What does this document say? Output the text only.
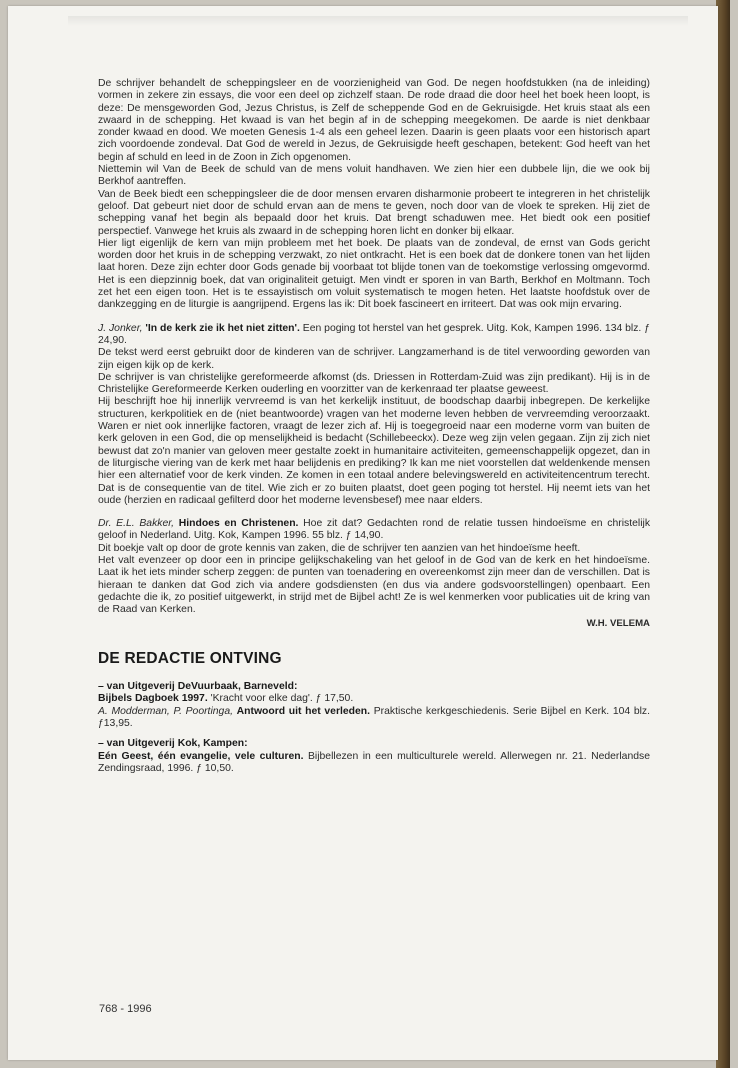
De schrijver behandelt de scheppingsleer en de voorzienigheid van God. De negen hoofdstukken (na de inleiding) vormen in zekere zin essays, die voor een deel op zichzelf staan. De rode draad die door heel het boek heen loopt, is deze: De mensgeworden God, Jezus Christus, is Zelf de scheppende God en de Gekruisigde. Het kruis staat als een zwaard in de schepping. Het kwaad is van het begin af in de schepping meegekomen. De aarde is niet denkbaar zonder kwaad en dood. We moeten Genesis 1-4 als een geheel lezen. Daarin is geen plaats voor een historisch apart zich voordoende zondeval. Dat God de wereld in Jezus, de Gekruisigde heeft geschapen, betekent: God heeft van het begin af schuld en leed in de Zoon in Zich opgenomen.

Niettemin wil Van de Beek de schuld van de mens voluit handhaven. We zien hier een dubbele lijn, die we ook bij Berkhof aantreffen.

Van de Beek biedt een scheppingsleer die de door mensen ervaren disharmonie probeert te integreren in het christelijk geloof. Dat gebeurt niet door de schuld ervan aan de mens te geven, noch door van de vloek te spreken. Hij ziet de schepping vanaf het begin als bepaald door het kruis. Dat brengt schaduwen mee. Het biedt ook een positief perspectief. Vanwege het kruis als zwaard in de schepping horen licht en donker bij elkaar.

Hier ligt eigenlijk de kern van mijn probleem met het boek. De plaats van de zondeval, de ernst van Gods gericht worden door het kruis in de schepping verzwakt, zo niet ontkracht. Het is een boek dat de donkere tonen van het lijden laat horen. Deze zijn echter door Gods genade bij voorbaat tot blijde tonen van de toekomstige verlossing omgevormd. Het is een diepzinnig boek, dat van originaliteit getuigt. Men vindt er sporen in van Barth, Berkhof en Moltmann. Toch zet het een eigen toon. Het is te essayistisch om voluit systematisch te mogen heten. Het laatste hoofdstuk over de dankzegging en de liturgie is aangrijpend. Ergens las ik: Dit boek fascineert en irriteert. Dat was ook mijn ervaring.

J. Jonker, 'In de kerk zie ik het niet zitten'. Een poging tot herstel van het gesprek. Uitg. Kok, Kampen 1996. 134 blz. ƒ 24,90.

De tekst werd eerst gebruikt door de kinderen van de schrijver. Langzamerhand is de titel verwoording geworden van zijn eigen kijk op de kerk.

De schrijver is van christelijke gereformeerde afkomst (ds. Driessen in Rotterdam-Zuid was zijn predikant). Hij is in de Christelijke Gereformeerde Kerken ouderling en voorzitter van de kerkenraad ter plaatse geweest.

Hij beschrijft hoe hij innerlijk vervreemd is van het kerkelijk instituut, de boodschap daarbij inbegrepen. De kerkelijke structuren, kerkpolitiek en de (niet beantwoorde) vragen van het moderne leven hebben de vervreemding veroorzaakt. Waren er niet ook innerlijke factoren, vraagt de lezer zich af. Hij is toegegroeid naar een moderne vorm van buiten de kerk geloven in een God, die op menselijkheid is bedacht (Schillebeeckx). Deze weg zijn velen gegaan. Zijn zij zich niet bewust dat zo'n manier van geloven meer gestalte zoekt in humanitaire activiteiten, gemeenschappelijk opgezet, dan in de liturgische viering van de kerk met haar belijdenis en prediking? Ik kan me niet voorstellen dat weldenkende mensen hier een alternatief voor de kerk vinden. Ze komen in een totaal andere belevingswereld en activiteitencentrum terecht. Dat is de consequentie van de titel. Wie zich er zo buiten plaatst, doet geen poging tot herstel. Hij neemt iets van het oude (herzien en radicaal gefilterd door het moderne levensbesef) mee naar elders.

Dr. E.L. Bakker, Hindoes en Christenen. Hoe zit dat? Gedachten rond de relatie tussen hindoeïsme en christelijk geloof in Nederland. Uitg. Kok, Kampen 1996. 55 blz. ƒ 14,90.

Dit boekje valt op door de grote kennis van zaken, die de schrijver ten aanzien van het hindoeïsme heeft.

Het valt evenzeer op door een in principe gelijkschakeling van het geloof in de God van de kerk en het hindoeïsme. Laat ik het iets minder scherp zeggen: de punten van toenadering en overeenkomst zijn meer dan de verschillen. Dat is hieraan te danken dat God zich via andere godsdiensten (en dus via andere godsvoorstellingen) openbaart. Een gedachte die ik, zo positief uitgewerkt, in strijd met de Bijbel acht! Ze is wel kenmerken voor publicaties uit de kring van de Raad van Kerken.

W.H. VELEMA
DE REDACTIE ONTVING

– van Uitgeverij DeVuurbaak, Barneveld:

Bijbels Dagboek 1997. 'Kracht voor elke dag'. ƒ 17,50.

A. Modderman, P. Poortinga, Antwoord uit het verleden. Praktische kerkgeschiedenis. Serie Bijbel en Kerk. 104 blz. ƒ13,95.

– van Uitgeverij Kok, Kampen:

Eén Geest, één evangelie, vele culturen. Bijbellezen in een multiculturele wereld. Allerwegen nr. 21. Nederlandse Zendingsraad, 1996. ƒ 10,50.

768 - 1996
